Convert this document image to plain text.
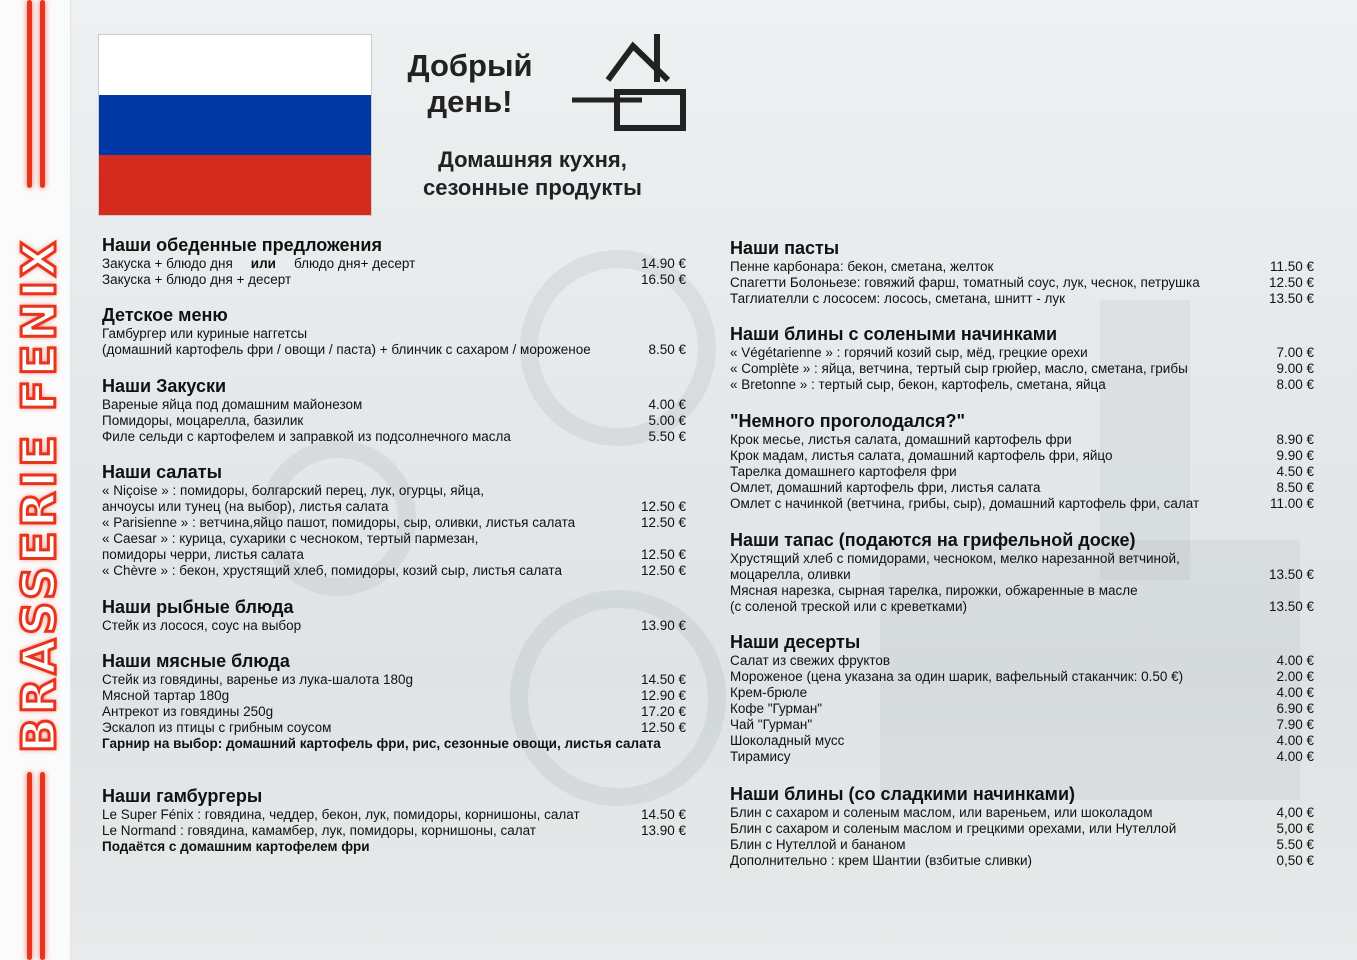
BRASSERIE FENIX
Добрый день!
Домашняя кухня, сезонные продукты
Наши обеденные предложения
Закуска + блюдо дня или блюдо дня+ десерт	14.90 €
Закуска + блюдо дня + десерт	16.50 €
Детское меню
Гамбургер или куриные наггетсы
(домашний картофель фри / овощи / паста) + блинчик с сахаром / мороженое	8.50 €
Наши Закуски
Вареные яйца под домашним майонезом	4.00 €
Помидоры, моцарелла, базилик	5.00 €
Филе сельди с картофелем и заправкой из подсолнечного масла	5.50 €
Наши салаты
« Niçoise » : помидоры, болгарский перец, лук, огурцы, яйца,
анчоусы или тунец (на выбор), листья салата	12.50 €
« Parisienne » : ветчина,яйцо пашот, помидоры, сыр, оливки, листья салата	12.50 €
« Caesar » : курица, сухарики с чесноком, тертый пармезан,
помидоры черри, листья салата	12.50 €
« Chèvre » : бекон, хрустящий хлеб, помидоры, козий сыр, листья салата	12.50 €
Наши рыбные блюда
Стейк из лосося, соус на выбор	13.90 €
Наши мясные блюда
Стейк из говядины, варенье из лука-шалота 180g	14.50 €
Мясной тартар 180g	12.90 €
Антрекот из говядины 250g	17.20 €
Эскалоп из птицы с грибным соусом	12.50 €
Гарнир на выбор: домашний картофель фри, рис, сезонные овощи, листья салата
Наши гамбургеры
Le Super Fénix : говядина, чеддер, бекон, лук, помидоры, корнишоны, салат	14.50 €
Le Normand : говядина, камамбер, лук, помидоры, корнишоны, салат	13.90 €
Подаётся с домашним картофелем фри
Наши пасты
Пенне карбонара: бекон, сметана, желток	11.50 €
Спагетти Болоньезе: говяжий фарш, томатный соус, лук, чеснок, петрушка	12.50 €
Таглиателли с лососем: лосось, сметана, шнитт - лук	13.50 €
Наши блины с солеными начинками
« Végétarienne » : горячий козий сыр, мёд, грецкие орехи	7.00 €
« Complète » : яйца, ветчина, тертый сыр грюйер, масло, сметана, грибы	9.00 €
« Bretonne » : тертый сыр, бекон, картофель, сметана, яйца	8.00 €
"Немного проголодался?"
Крок месье, листья салата, домашний картофель фри	8.90 €
Крок мадам, листья салата, домашний картофель фри, яйцо	9.90 €
Тарелка домашнего картофеля фри	4.50 €
Омлет, домашний картофель фри, листья салата	8.50 €
Омлет с начинкой (ветчина, грибы, сыр), домашний картофель фри, салат	11.00 €
Наши тапас (подаются на грифельной доске)
Хрустящий хлеб с помидорами, чесноком, мелко нарезанной ветчиной,
моцарелла, оливки	13.50 €
Мясная нарезка, сырная тарелка, пирожки, обжаренные в масле
(с соленой треской или с креветками)	13.50 €
Наши десерты
Салат из свежих фруктов	4.00 €
Мороженое (цена указана за один шарик, вафельный стаканчик: 0.50 €)	2.00 €
Крем-брюле	4.00 €
Кофе "Гурман"	6.90 €
Чай "Гурман"	7.90 €
Шоколадный мусс	4.00 €
Тирамису	4.00 €
Наши блины (со сладкими начинками)
Блин с сахаром и соленым маслом, или вареньем, или шоколадом	4,00 €
Блин с сахаром и соленым маслом и грецкими орехами, или Нутеллой	5,00 €
Блин с Нутеллой и бананом	5.50 €
Дополнительно : крем Шантии (взбитые сливки)	0,50 €
